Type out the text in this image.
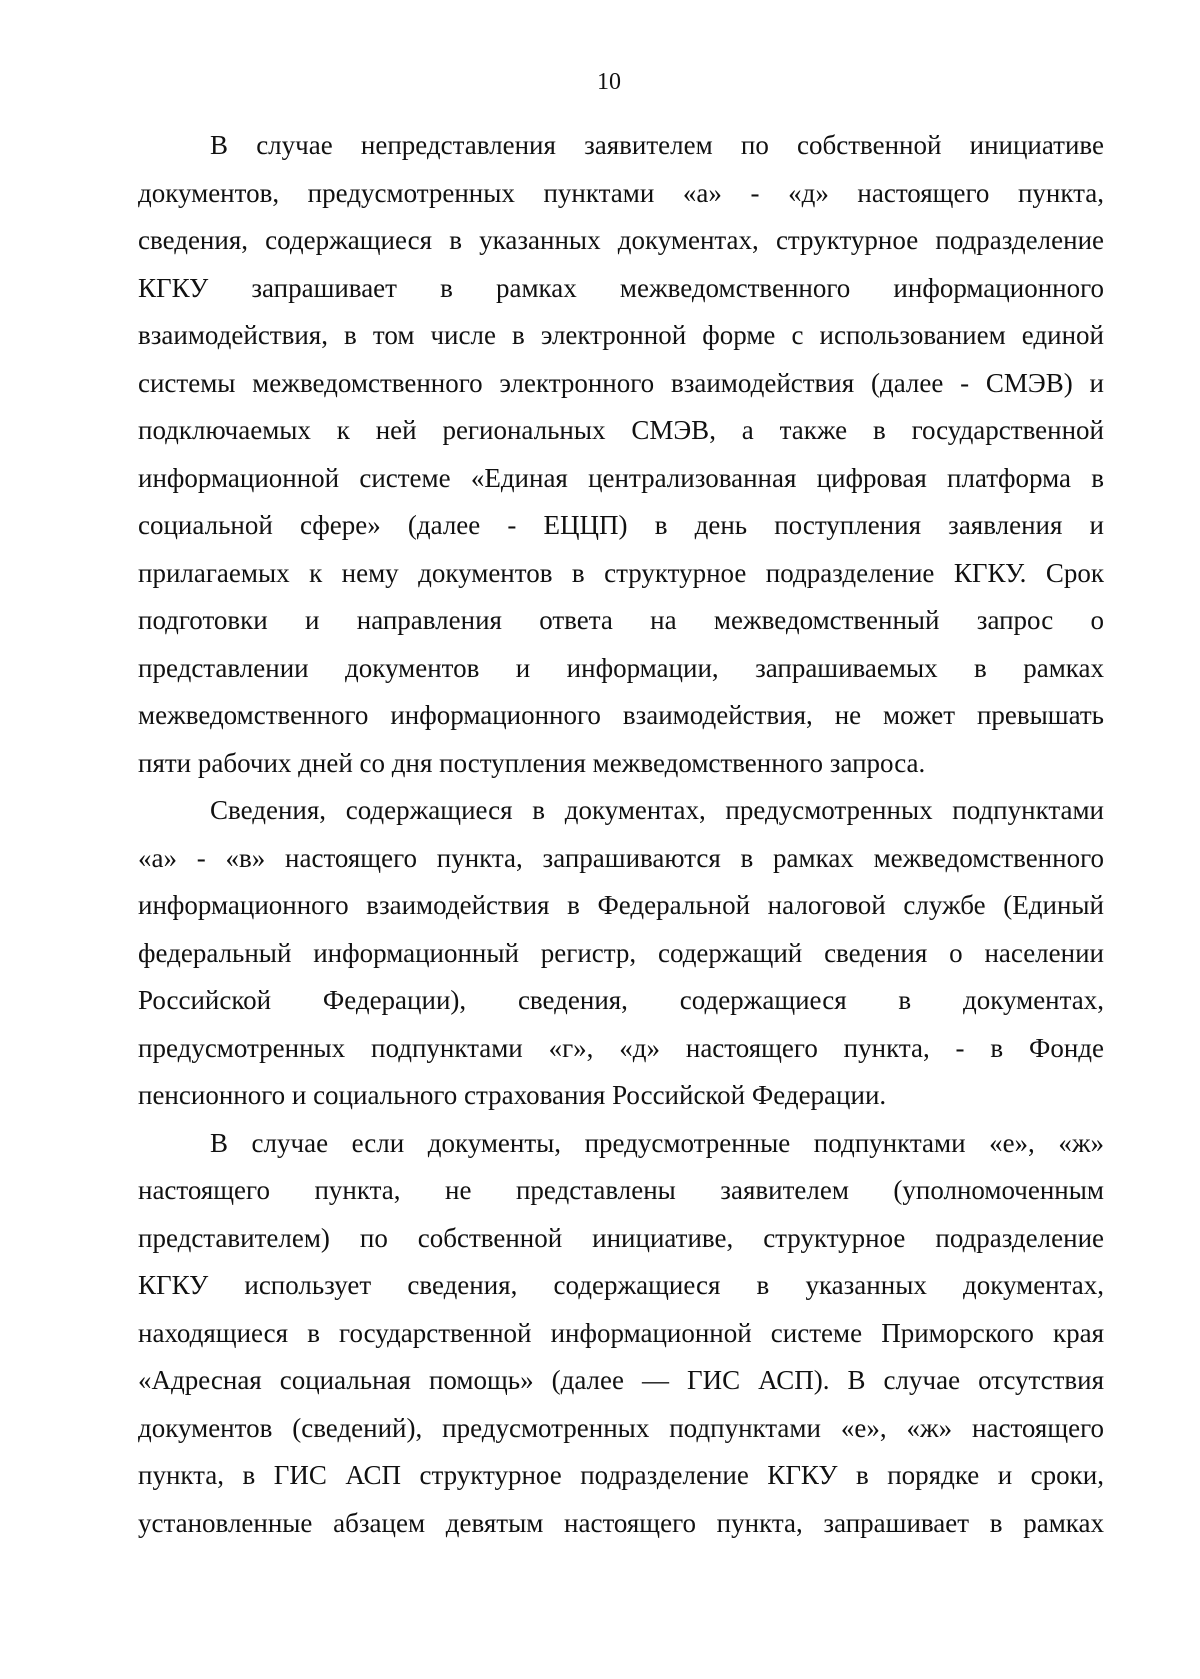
10
В случае непредставления заявителем по собственной инициативе
документов, предусмотренных пунктами «а» - «д» настоящего пункта,
сведения, содержащиеся в указанных документах, структурное подразделение
КГКУ запрашивает в рамках межведомственного информационного
взаимодействия, в том числе в электронной форме с использованием единой
системы межведомственного электронного взаимодействия (далее - СМЭВ) и
подключаемых к ней региональных СМЭВ, а также в государственной
информационной системе «Единая централизованная цифровая платформа в
социальной сфере» (далее - ЕЦЦП) в день поступления заявления и
прилагаемых к нему документов в структурное подразделение КГКУ. Срок
подготовки и направления ответа на межведомственный запрос о
представлении документов и информации, запрашиваемых в рамках
межведомственного информационного взаимодействия, не может превышать
пяти рабочих дней со дня поступления межведомственного запроса.
Сведения, содержащиеся в документах, предусмотренных подпунктами
«а» - «в» настоящего пункта, запрашиваются в рамках межведомственного
информационного взаимодействия в Федеральной налоговой службе (Единый
федеральный информационный регистр, содержащий сведения о населении
Российской Федерации), сведения, содержащиеся в документах,
предусмотренных подпунктами «г», «д» настоящего пункта, - в Фонде
пенсионного и социального страхования Российской Федерации.
В случае если документы, предусмотренные подпунктами «е», «ж»
настоящего пункта, не представлены заявителем (уполномоченным
представителем) по собственной инициативе, структурное подразделение
КГКУ использует сведения, содержащиеся в указанных документах,
находящиеся в государственной информационной системе Приморского края
«Адресная социальная помощь» (далее — ГИС АСП). В случае отсутствия
документов (сведений), предусмотренных подпунктами «е», «ж» настоящего
пункта, в ГИС АСП структурное подразделение КГКУ в порядке и сроки,
установленные абзацем девятым настоящего пункта, запрашивает в рамках
